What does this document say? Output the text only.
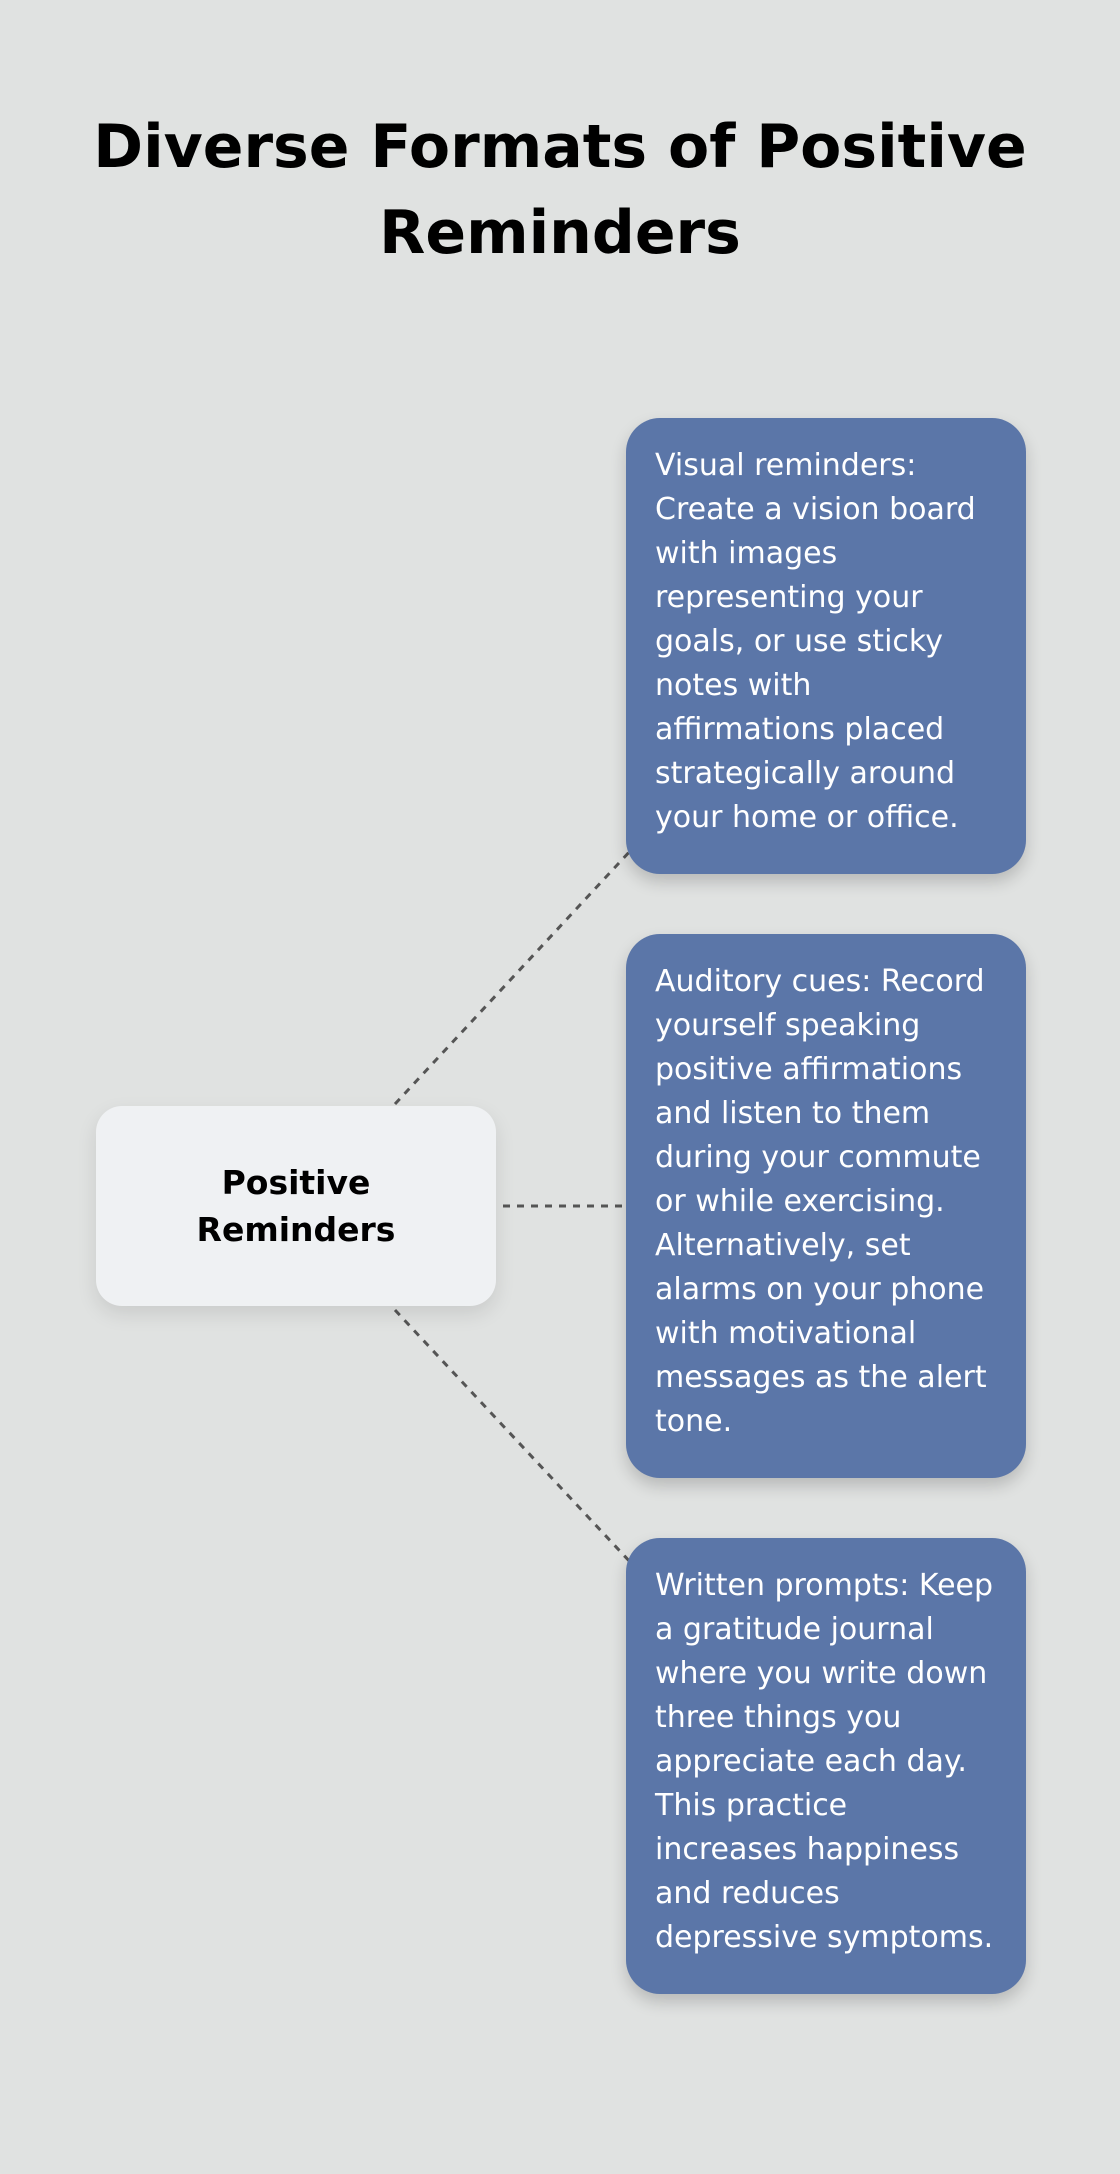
Diverse Formats of Positive Reminders
Positive Reminders
Visual reminders: Create a vision board with images representing your goals, or use sticky notes with affirmations placed strategically around your home or office.
Auditory cues: Record yourself speaking positive affirmations and listen to them during your commute or while exercising. Alternatively, set alarms on your phone with motivational messages as the alert tone.
Written prompts: Keep a gratitude journal where you write down three things you appreciate each day. This practice increases happiness and reduces depressive symptoms.
